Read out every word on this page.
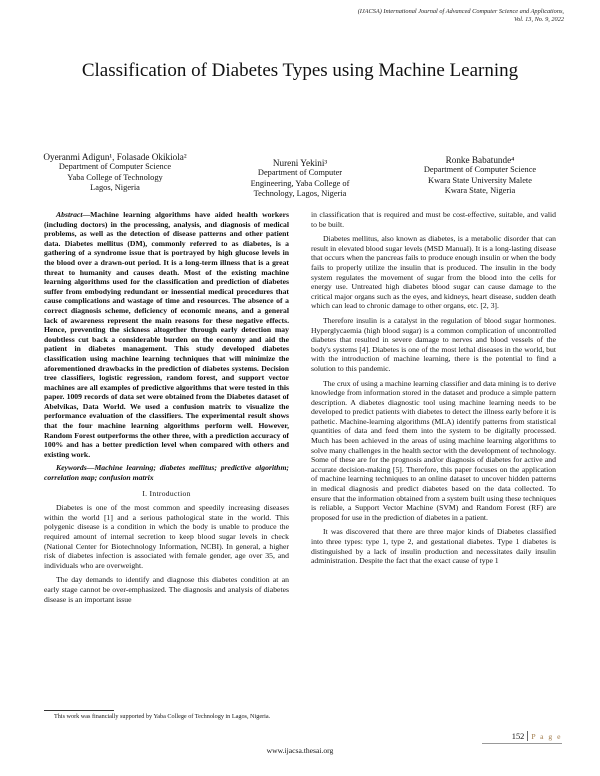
(IJACSA) International Journal of Advanced Computer Science and Applications,
Vol. 13, No. 9, 2022
Classification of Diabetes Types using Machine Learning
Oyeranmi Adigun¹, Folasade Okikiola²
Department of Computer Science
Yaba College of Technology
Lagos, Nigeria
Nureni Yekini³
Department of Computer
Engineering, Yaba College of
Technology, Lagos, Nigeria
Ronke Babatunde⁴
Department of Computer Science
Kwara State University Malete
Kwara State, Nigeria

Abstract—Machine learning algorithms have aided health workers (including doctors) in the processing, analysis, and diagnosis of medical problems, as well as the detection of disease patterns and other patient data. Diabetes mellitus (DM), commonly referred to as diabetes, is a gathering of a syndrome issue that is portrayed by high glucose levels in the blood over a drawn-out period. It is a long-term illness that is a great threat to humanity and causes death. Most of the existing machine learning algorithms used for the classification and prediction of diabetes suffer from embodying redundant or inessential medical procedures that cause complications and wastage of time and resources. The absence of a correct diagnosis scheme, deficiency of economic means, and a general lack of awareness represent the main reasons for these negative effects. Hence, preventing the sickness altogether through early detection may doubtless cut back a considerable burden on the economy and aid the patient in diabetes management. This study developed diabetes classification using machine learning techniques that will minimize the aforementioned drawbacks in the prediction of diabetes systems. Decision tree classifiers, logistic regression, random forest, and support vector machines are all examples of predictive algorithms that were tested in this paper. 1009 records of data set were obtained from the Diabetes dataset of Abelvikas, Data World. We used a confusion matrix to visualize the performance evaluation of the classifiers. The experimental result shows that the four machine learning algorithms perform well. However, Random Forest outperforms the other three, with a prediction accuracy of 100% and has a better prediction level when compared with others and existing work.

Keywords—Machine learning; diabetes mellitus; predictive algorithm; correlation map; confusion matrix

I. Introduction

Diabetes is one of the most common and speedily increasing diseases within the world [1] and a serious pathological state in the world. This polygenic disease is a condition in which the body is unable to produce the required amount of internal secretion to keep blood sugar levels in check (National Center for Biotechnology Information, NCBI). In general, a higher risk of diabetes infection is associated with female gender, age over 35, and individuals who are overweight.

The day demands to identify and diagnose this diabetes condition at an early stage cannot be over-emphasized. The diagnosis and analysis of diabetes disease is an important issue

in classification that is required and must be cost-effective, suitable, and valid to be built.

Diabetes mellitus, also known as diabetes, is a metabolic disorder that can result in elevated blood sugar levels (MSD Manual). It is a long-lasting disease that occurs when the pancreas fails to produce enough insulin or when the body fails to properly utilize the insulin that is produced. The insulin in the body system regulates the movement of sugar from the blood into the cells for energy use. Untreated high diabetes blood sugar can cause damage to the critical major organs such as the eyes, and kidneys, heart disease, sudden death which can lead to chronic damage to other organs, etc. [2, 3].

Therefore insulin is a catalyst in the regulation of blood sugar hormones. Hyperglycaemia (high blood sugar) is a common complication of uncontrolled diabetes that resulted in severe damage to nerves and blood vessels of the body's systems [4]. Diabetes is one of the most lethal diseases in the world, but with the introduction of machine learning, there is the potential to find a solution to this pandemic.

The crux of using a machine learning classifier and data mining is to derive knowledge from information stored in the dataset and produce a simple pattern description. A diabetes diagnostic tool using machine learning needs to be developed to predict patients with diabetes to detect the illness early before it is pathetic. Machine-learning algorithms (MLA) identify patterns from statistical quantities of data and feed them into the system to be digitally processed. Much has been achieved in the areas of using machine learning algorithms to solve many challenges in the health sector with the development of technology. Some of these are for the prognosis and/or diagnosis of diabetes for active and accurate decision-making [5]. Therefore, this paper focuses on the application of machine learning techniques to an online dataset to uncover hidden patterns in medical diagnosis and predict diabetes based on the data collected. To ensure that the information obtained from a system built using these techniques is reliable, a Support Vector Machine (SVM) and Random Forest (RF) are proposed for use in the prediction of diabetes in a patient.

It was discovered that there are three major kinds of Diabetes classified into three types: type 1, type 2, and gestational diabetes. Type 1 diabetes is distinguished by a lack of insulin production and necessitates daily insulin administration. Despite the fact that the exact cause of type 1

This work was financially supported by Yaba College of Technology in Lagos, Nigeria.
152 P a g e
www.ijacsa.thesai.org
